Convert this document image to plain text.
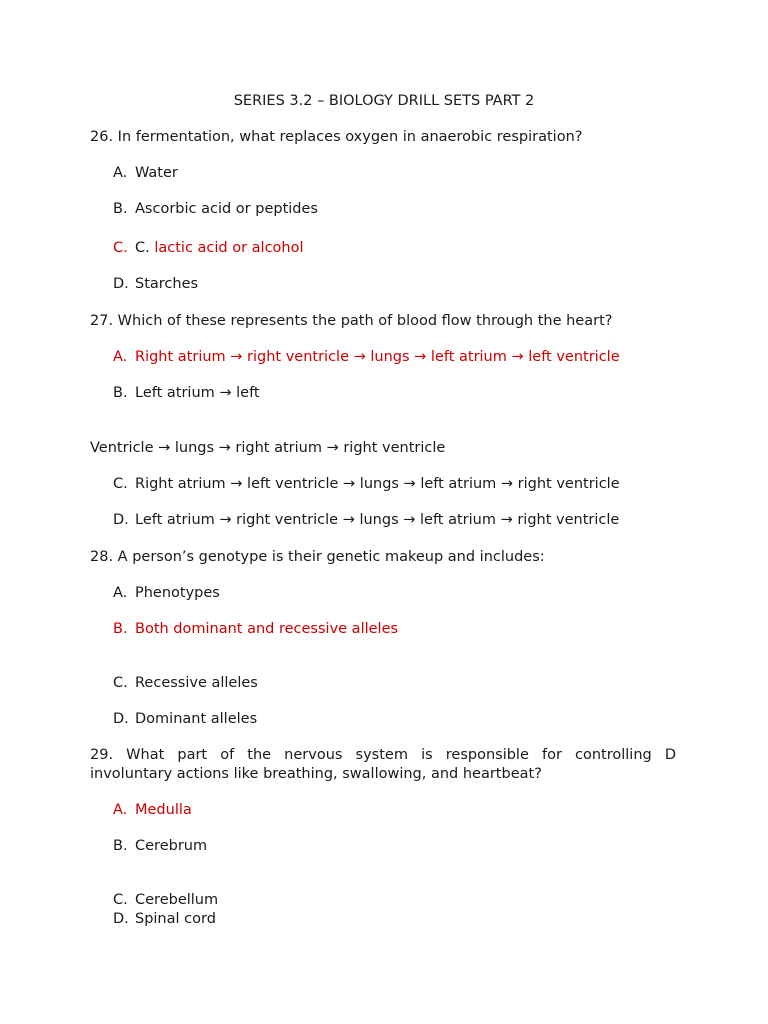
SERIES 3.2 – BIOLOGY DRILL SETS PART 2
26. In fermentation, what replaces oxygen in anaerobic respiration?
A. Water
B. Ascorbic acid or peptides
C. C. lactic acid or alcohol
D. Starches
27. Which of these represents the path of blood flow through the heart?
A. Right atrium → right ventricle → lungs → left atrium → left ventricle
B. Left atrium → left
Ventricle → lungs → right atrium → right ventricle
C. Right atrium → left ventricle → lungs → left atrium → right ventricle
D. Left atrium → right ventricle → lungs → left atrium → right ventricle
28. A person’s genotype is their genetic makeup and includes:
A. Phenotypes
B. Both dominant and recessive alleles
C. Recessive alleles
D. Dominant alleles
29. What part of the nervous system is responsible for controlling D
involuntary actions like breathing, swallowing, and heartbeat?
A. Medulla
B. Cerebrum
C. Cerebellum
D. Spinal cord
